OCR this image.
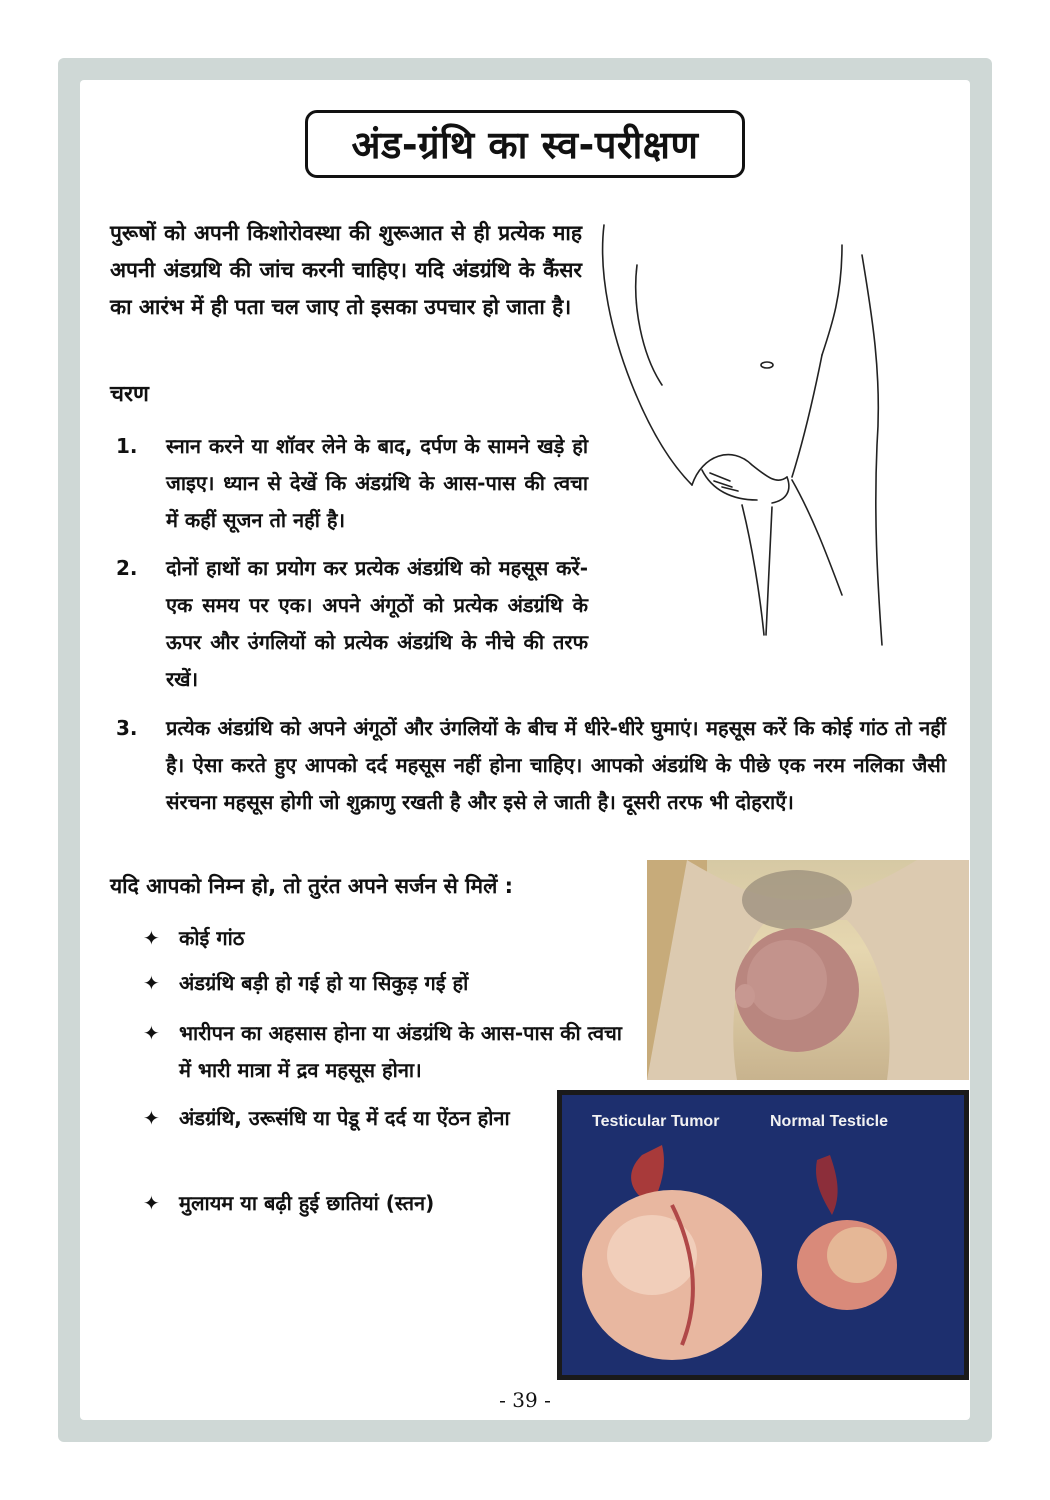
अंड-ग्रंथि का स्व-परीक्षण
पुरूषों को अपनी किशोरोवस्था की शुरूआत से ही प्रत्येक माह अपनी अंडग्रथि की जांच करनी चाहिए। यदि अंडग्रंथि के कैंसर का आरंभ में ही पता चल जाए तो इसका उपचार हो जाता है।
चरण
1.	स्नान करने या शॉवर लेने के बाद, दर्पण के सामने खड़े हो जाइए। ध्यान से देखें कि अंडग्रंथि के आस-पास की त्वचा में कहीं सूजन तो नहीं है।
2.	दोनों हाथों का प्रयोग कर प्रत्येक अंडग्रंथि को महसूस करें- एक समय पर एक। अपने अंगूठों को प्रत्येक अंडग्रंथि के ऊपर और उंगलियों को प्रत्येक अंडग्रंथि के नीचे की तरफ रखें।
3.	प्रत्येक अंडग्रंथि को अपने अंगूठों और उंगलियों के बीच में धीरे-धीरे घुमाएं। महसूस करें कि कोई गांठ तो नहीं है। ऐसा करते हुए आपको दर्द महसूस नहीं होना चाहिए। आपको अंडग्रंथि के पीछे एक नरम नलिका जैसी संरचना महसूस होगी जो शुक्राणु रखती है और इसे ले जाती है। दूसरी तरफ भी दोहराएँ।
यदि आपको निम्न हो, तो तुरंत अपने सर्जन से मिलें :
✦ कोई गांठ
✦ अंडग्रंथि बड़ी हो गई हो या सिकुड़ गई हों
✦ भारीपन का अहसास होना या अंडग्रंथि के आस-पास की त्वचा में भारी मात्रा में द्रव महसूस होना।
✦ अंडग्रंथि, उरूसंधि या पेडू में दर्द या ऐंठन होना
✦ मुलायम या बढ़ी हुई छातियां (स्तन)
Testicular Tumor	Normal Testicle
- 39 -
